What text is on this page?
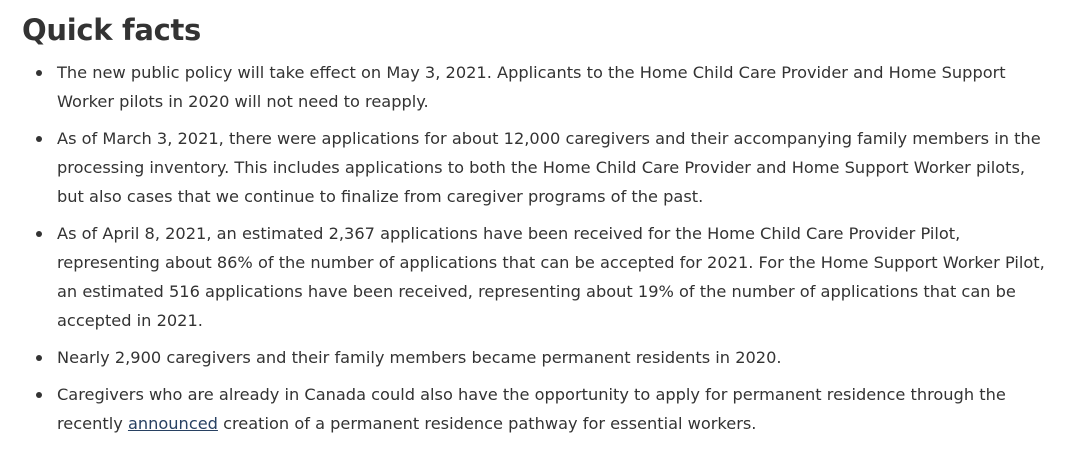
Quick facts
The new public policy will take effect on May 3, 2021. Applicants to the Home Child Care Provider and Home Support Worker pilots in 2020 will not need to reapply.
As of March 3, 2021, there were applications for about 12,000 caregivers and their accompanying family members in the processing inventory. This includes applications to both the Home Child Care Provider and Home Support Worker pilots, but also cases that we continue to finalize from caregiver programs of the past.
As of April 8, 2021, an estimated 2,367 applications have been received for the Home Child Care Provider Pilot, representing about 86% of the number of applications that can be accepted for 2021. For the Home Support Worker Pilot, an estimated 516 applications have been received, representing about 19% of the number of applications that can be accepted in 2021.
Nearly 2,900 caregivers and their family members became permanent residents in 2020.
Caregivers who are already in Canada could also have the opportunity to apply for permanent residence through the recently announced creation of a permanent residence pathway for essential workers.
